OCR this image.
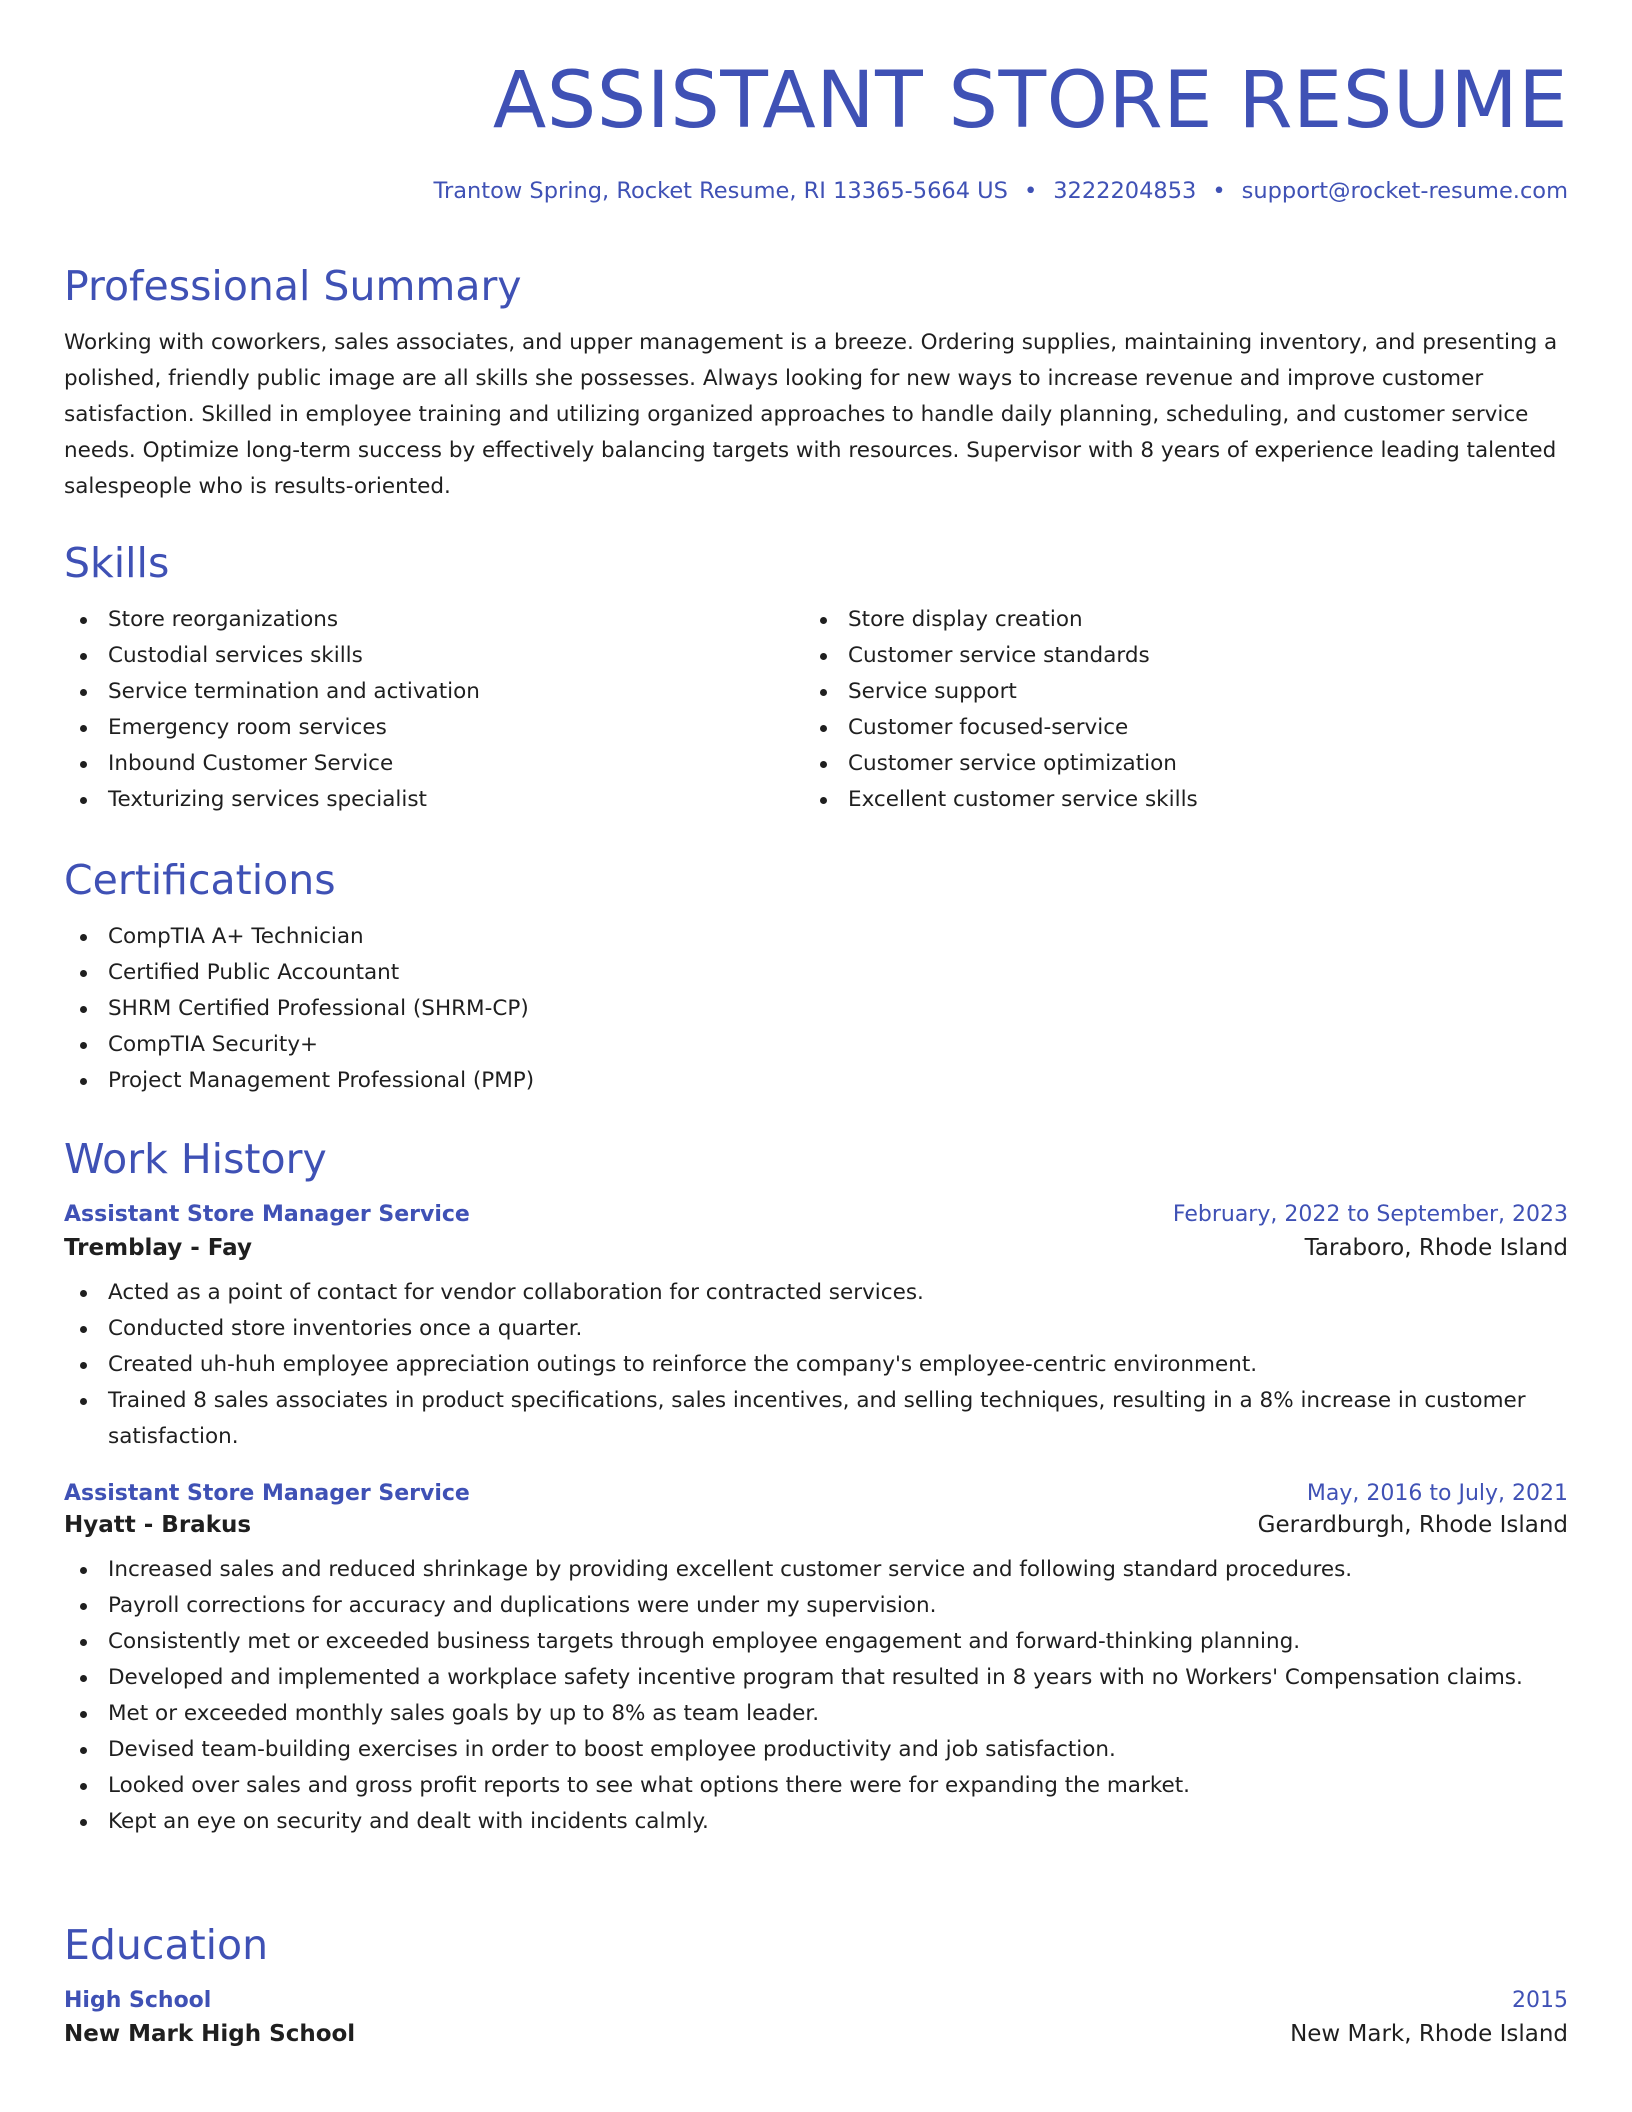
ASSISTANT STORE RESUME
Trantow Spring, Rocket Resume, RI 13365-5664 US • 3222204853 • support@rocket-resume.com
Professional Summary

Working with coworkers, sales associates, and upper management is a breeze. Ordering supplies, maintaining inventory, and presenting a polished, friendly public image are all skills she possesses. Always looking for new ways to increase revenue and improve customer satisfaction. Skilled in employee training and utilizing organized approaches to handle daily planning, scheduling, and customer service needs. Optimize long-term success by effectively balancing targets with resources. Supervisor with 8 years of experience leading talented salespeople who is results-oriented.

Skills
Store reorganizations
Custodial services skills
Service termination and activation
Emergency room services
Inbound Customer Service
Texturizing services specialist
Store display creation
Customer service standards
Service support
Customer focused-service
Customer service optimization
Excellent customer service skills
Certifications
CompTIA A+ Technician
Certified Public Accountant
SHRM Certified Professional (SHRM-CP)
CompTIA Security+
Project Management Professional (PMP)
Work History
Assistant Store Manager Service	February, 2022 to September, 2023
Tremblay - Fay	Taraboro, Rhode Island
Acted as a point of contact for vendor collaboration for contracted services.
Conducted store inventories once a quarter.
Created uh-huh employee appreciation outings to reinforce the company's employee-centric environment.
Trained 8 sales associates in product specifications, sales incentives, and selling techniques, resulting in a 8% increase in customer satisfaction.
Assistant Store Manager Service	May, 2016 to July, 2021
Hyatt - Brakus	Gerardburgh, Rhode Island
Increased sales and reduced shrinkage by providing excellent customer service and following standard procedures.
Payroll corrections for accuracy and duplications were under my supervision.
Consistently met or exceeded business targets through employee engagement and forward-thinking planning.
Developed and implemented a workplace safety incentive program that resulted in 8 years with no Workers' Compensation claims.
Met or exceeded monthly sales goals by up to 8% as team leader.
Devised team-building exercises in order to boost employee productivity and job satisfaction.
Looked over sales and gross profit reports to see what options there were for expanding the market.
Kept an eye on security and dealt with incidents calmly.
Education
High School	2015
New Mark High School	New Mark, Rhode Island
